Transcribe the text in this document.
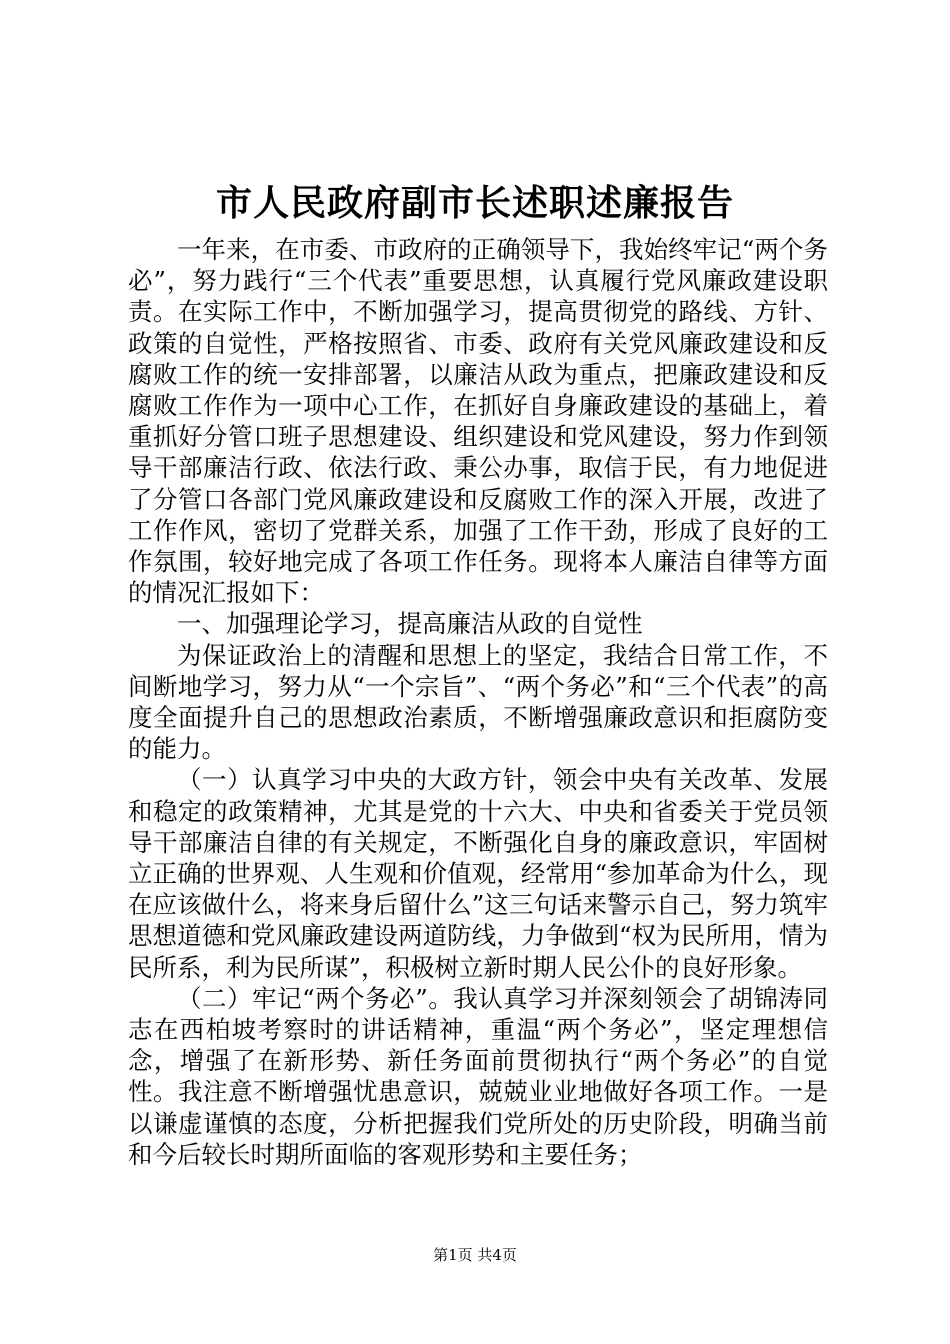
市人民政府副市长述职述廉报告

一年来，在市委、市政府的正确领导下，我始终牢记“两个务必”，努力践行“三个代表”重要思想，认真履行党风廉政建设职责。在实际工作中，不断加强学习，提高贯彻党的路线、方针、政策的自觉性，严格按照省、市委、政府有关党风廉政建设和反腐败工作的统一安排部署，以廉洁从政为重点，把廉政建设和反腐败工作作为一项中心工作，在抓好自身廉政建设的基础上，着重抓好分管口班子思想建设、组织建设和党风建设，努力作到领导干部廉洁行政、依法行政、秉公办事，取信于民，有力地促进了分管口各部门党风廉政建设和反腐败工作的深入开展，改进了工作作风，密切了党群关系，加强了工作干劲，形成了良好的工作氛围，较好地完成了各项工作任务。现将本人廉洁自律等方面的情况汇报如下：

一、加强理论学习，提高廉洁从政的自觉性

为保证政治上的清醒和思想上的坚定，我结合日常工作，不间断地学习，努力从“一个宗旨”、“两个务必”和“三个代表”的高度全面提升自己的思想政治素质，不断增强廉政意识和拒腐防变的能力。

（一）认真学习中央的大政方针，领会中央有关改革、发展和稳定的政策精神，尤其是党的十六大、中央和省委关于党员领导干部廉洁自律的有关规定，不断强化自身的廉政意识，牢固树立正确的世界观、人生观和价值观，经常用“参加革命为什么，现在应该做什么，将来身后留什么”这三句话来警示自己，努力筑牢思想道德和党风廉政建设两道防线，力争做到“权为民所用，情为民所系，利为民所谋”，积极树立新时期人民公仆的良好形象。

（二）牢记“两个务必”。我认真学习并深刻领会了胡锦涛同志在西柏坡考察时的讲话精神，重温“两个务必”，坚定理想信念，增强了在新形势、新任务面前贯彻执行“两个务必”的自觉性。我注意不断增强忧患意识，兢兢业业地做好各项工作。一是以谦虚谨慎的态度，分析把握我们党所处的历史阶段，明确当前和今后较长时期所面临的客观形势和主要任务；

第1页 共4页
